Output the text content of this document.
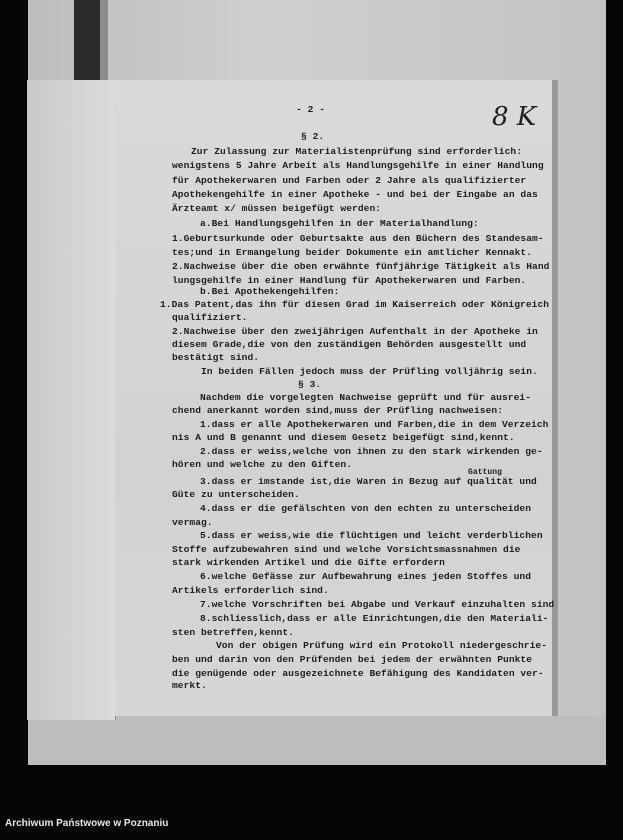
- 2 -	8 K
§ 2.
Zur Zulassung zur Materialistenprüfung sind erforderlich:
wenigstens 5 Jahre Arbeit als Handlungsgehilfe in einer Handlung
für Apothekerwaren und Farben oder 2 Jahre als qualifizierter
Apothekengehilfe in einer Apotheke - und bei der Eingabe an das
Ärzteamt x/ müssen beigefügt werden:
a.Bei Handlungsgehilfen in der Materialhandlung:
1.Geburtsurkunde oder Geburtsakte aus den Büchern des Standesam-
tes;und in Ermangelung beider Dokumente ein amtlicher Kennakt.
2.Nachweise über die oben erwähnte fünfjährige Tätigkeit als Hand
lungsgehilfe in einer Handlung für Apothekerwaren und Farben.
b.Bei Apothekengehilfen:
1.Das Patent,das ihn für diesen Grad im Kaiserreich oder Königreich
qualifiziert.
2.Nachweise über den zweijährigen Aufenthalt in der Apotheke in
diesem Grade,die von den zuständigen Behörden ausgestellt und
bestätigt sind.
In beiden Fällen jedoch muss der Prüfling volljährig sein.
§ 3.
Nachdem die vorgelegten Nachweise geprüft und für ausrei-
chend anerkannt worden sind,muss der Prüfling nachweisen:
1.dass er alle Apothekerwaren und Farben,die in dem Verzeich
nis A und B genannt und diesem Gesetz beigefügt sind,kennt.
2.dass er weiss,welche von ihnen zu den stark wirkenden ge-
hören und welche zu den Giften.
Gattung
3.dass er imstande ist,die Waren in Bezug auf qualität und
Güte zu unterscheiden.
4.dass er die gefälschten von den echten zu unterscheiden
vermag.
5.dass er weiss,wie die flüchtigen und leicht verderblichen
Stoffe aufzubewahren sind und welche Vorsichtsmassnahmen die
stark wirkenden Artikel und die Gifte erfordern
6.welche Gefässe zur Aufbewahrung eines jeden Stoffes und
Artikels erforderlich sind.
7.welche Vorschriften bei Abgabe und Verkauf einzuhalten sind
8.schliesslich,dass er alle Einrichtungen,die den Materiali-
sten betreffen,kennt.
Von der obigen Prüfung wird ein Protokoll niedergeschrie-
ben und darin von den Prüfenden bei jedem der erwähnten Punkte
die genügende oder ausgezeichnete Befähigung des Kandidaten ver-
merkt.
Archiwum Państwowe w Poznaniu
